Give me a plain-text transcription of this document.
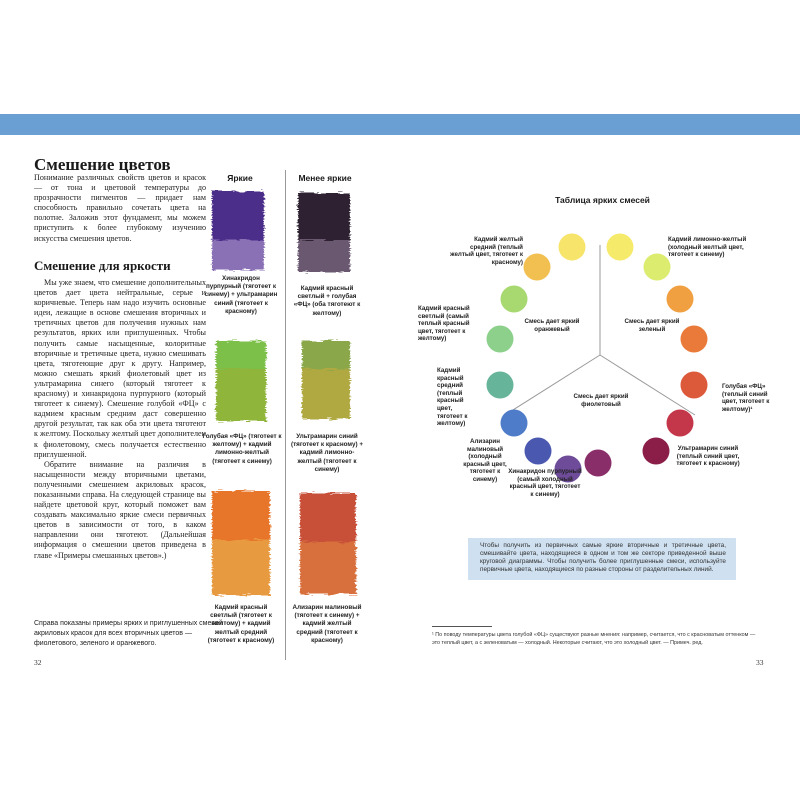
Смешение цветов

Понимание различных свойств цветов и красок — от тона и цветовой температуры до прозрачности пигментов — придает нам способность правильно сочетать цвета на полотне. Заложив этот фундамент, мы можем приступить к более глубокому изучению искусства смешения цветов.

Смешение для яркости

Мы уже знаем, что смешение дополнительных цветов дает цвета нейтральные, серые и коричневые. Теперь нам надо изучить основные идеи, лежащие в основе смешения вторичных и третичных цветов для получения нужных нам результатов, ярких или приглушенных. Чтобы получить самые насыщенные, колоритные вторичные и третичные цвета, нужно смешивать цвета, тяготеющие друг к другу. Например, можно смешать яркий фиолетовый цвет из ультрамарина синего (который тяготеет к красному) и хинакридона пурпурного (который тяготеет к синему). Смешение голубой «ФЦ» с кадмием красным средним даст совершенно другой результат, так как оба эти цвета тяготеют к желтому. Поскольку желтый цвет дополнителен к фиолетовому, смесь получается естественно приглушенной.

Обратите внимание на различия в насыщенности между вторичными цветами, полученными смешением акриловых красок, показанными справа. На следующей странице вы найдете цветовой круг, который поможет вам создавать максимально яркие смеси первичных цветов в зависимости от того, в каком направлении они тяготеют. (Дальнейшая информация о смешении цветов приведена в главе «Примеры смешанных цветов».)

Справа показаны примеры ярких и приглушенных смесей акриловых красок для всех вторичных цветов — фиолетового, зеленого и оранжевого.
32
Яркие	Менее яркие
Хинакридон пурпурный (тяготеет к синему) + ультрамарин синий (тяготеет к красному)
Кадмий красный светлый + голубая «ФЦ» (оба тяготеют к желтому)
Голубая «ФЦ» (тяготеет к желтому) + кадмий лимонно-желтый (тяготеет к синему)
Ультрамарин синий (тяготеет к красному) + кадмий лимонно-желтый (тяготеет к синему)
Кадмий красный светлый (тяготеет к желтому) + кадмий желтый средний (тяготеет к красному)
Ализарин малиновый (тяготеет к синему) + кадмий желтый средний (тяготеет к красному)
Таблица ярких смесей
Смесь дает яркий оранжевый
Смесь дает яркий зеленый
Смесь дает яркий фиолетовый
Кадмий желтый средний (теплый желтый цвет, тяготеет к красному)
Кадмий лимонно-желтый (холодный желтый цвет, тяготеет к синему)
Кадмий красный светлый (самый теплый красный цвет, тяготеет к желтому)
Кадмий красный средний (теплый красный цвет, тяготеет к желтому)
Голубая «ФЦ» (теплый синий цвет, тяготеет к желтому)¹
Ализарин малиновый (холодный красный цвет, тяготеет к синему)
Ультрамарин синий (теплый синий цвет, тяготеет к красному)
Хинакридон пурпурный (самый холодный красный цвет, тяготеет к синему)
Чтобы получить из первичных самые яркие вторичные и третичные цвета, смешивайте цвета, находящиеся в одном и том же секторе приведенной выше круговой диаграммы. Чтобы получить более приглушенные смеси, используйте первичные цвета, находящиеся по разные стороны от разделительных линий.
¹ По поводу температуры цвета голубой «ФЦ» существуют разные мнения: например, считается, что с красноватым оттенком — это теплый цвет, а с зеленоватым — холодный. Некоторые считают, что это холодный цвет. — Примеч. ред.
33
